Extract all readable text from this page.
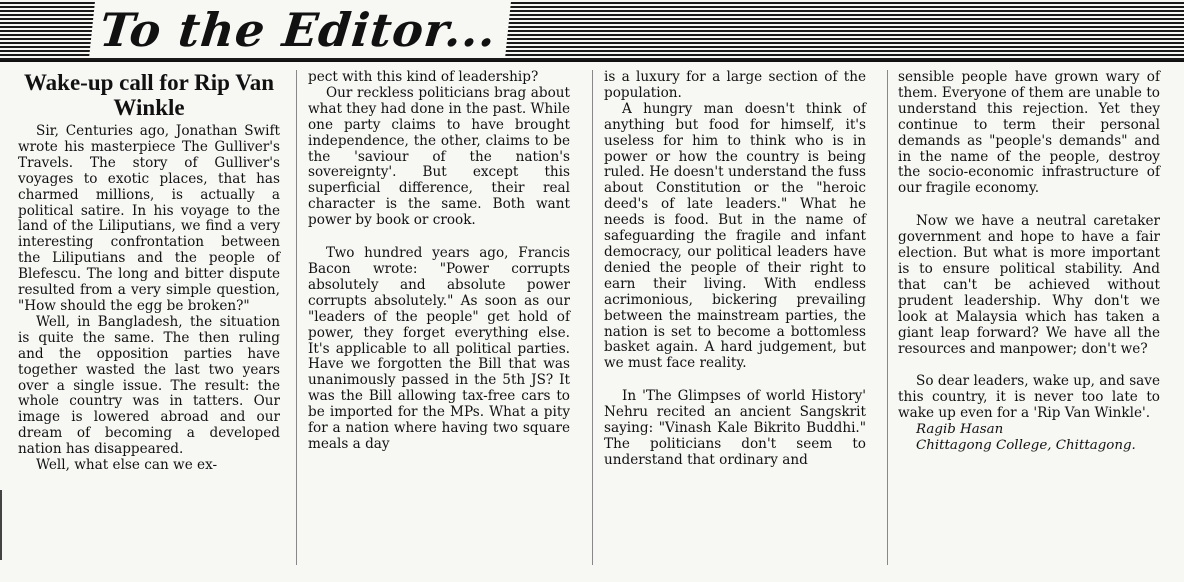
To the Editor...
Wake-up call for Rip Van Winkle

Sir, Centuries ago, Jonathan Swift wrote his masterpiece The Gulliver's Travels. The story of Gulliver's voyages to exotic places, that has charmed millions, is actually a political satire. In his voyage to the land of the Liliputians, we find a very interesting confrontation between the Liliputians and the people of Blefescu. The long and bitter dispute resulted from a very simple question, "How should the egg be broken?"

Well, in Bangladesh, the situation is quite the same. The then ruling and the opposition parties have together wasted the last two years over a single issue. The result: the whole country was in tatters. Our image is lowered abroad and our dream of becoming a developed nation has disappeared.

Well, what else can we ex-

pect with this kind of leadership?

Our reckless politicians brag about what they had done in the past. While one party claims to have brought independence, the other, claims to be the 'saviour of the nation's sovereignty'. But except this superficial difference, their real character is the same. Both want power by book or crook.

Two hundred years ago, Francis Bacon wrote: "Power corrupts absolutely and absolute power corrupts absolutely." As soon as our "leaders of the people" get hold of power, they forget everything else. It's applicable to all political parties. Have we forgotten the Bill that was unanimously passed in the 5th JS? It was the Bill allowing tax-free cars to be imported for the MPs. What a pity for a nation where having two square meals a day

is a luxury for a large section of the population.

A hungry man doesn't think of anything but food for himself, it's useless for him to think who is in power or how the country is being ruled. He doesn't understand the fuss about Constitution or the "heroic deed's of late leaders." What he needs is food. But in the name of safeguarding the fragile and infant democracy, our political leaders have denied the people of their right to earn their living. With endless acrimonious, bickering prevailing between the mainstream parties, the nation is set to become a bottomless basket again. A hard judgement, but we must face reality.

In 'The Glimpses of world History' Nehru recited an ancient Sangskrit saying: "Vinash Kale Bikrito Buddhi." The politicians don't seem to understand that ordinary and

sensible people have grown wary of them. Everyone of them are unable to understand this rejection. Yet they continue to term their personal demands as "people's demands" and in the name of the people, destroy the socio-economic infrastructure of our fragile economy.

Now we have a neutral caretaker government and hope to have a fair election. But what is more important is to ensure political stability. And that can't be achieved without prudent leadership. Why don't we look at Malaysia which has taken a giant leap forward? We have all the resources and manpower; don't we?

So dear leaders, wake up, and save this country, it is never too late to wake up even for a 'Rip Van Winkle'.

Ragib Hasan

Chittagong College, Chittagong.
